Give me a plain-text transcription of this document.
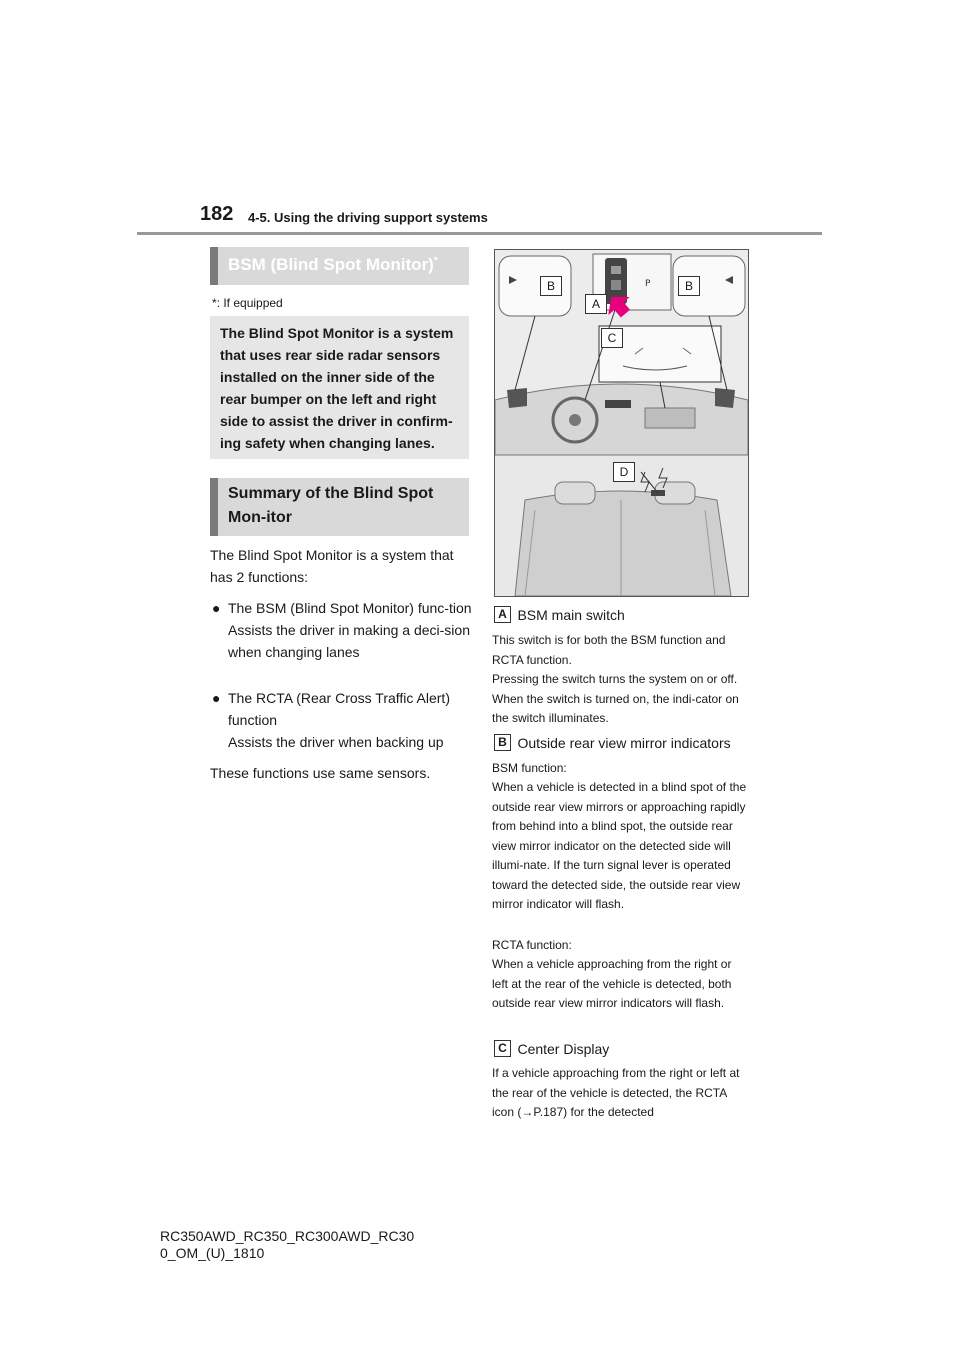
182 4-5. Using the driving support systems
BSM (Blind Spot Monitor)*
*: If equipped
The Blind Spot Monitor is a system that uses rear side radar sensors installed on the inner side of the rear bumper on the left and right side to assist the driver in confirm-ing safety when changing lanes.
Summary of the Blind Spot Mon-itor
The Blind Spot Monitor is a system that has 2 functions:
● The BSM (Blind Spot Monitor) func-tion
Assists the driver in making a deci-sion when changing lanes
● The RCTA (Rear Cross Traffic Alert) function
Assists the driver when backing up
These functions use same sensors.
P
B	B
A
C
D
A BSM main switch
This switch is for both the BSM function and RCTA function.
Pressing the switch turns the system on or off. When the switch is turned on, the indi-cator on the switch illuminates.
B Outside rear view mirror indicators
BSM function:
When a vehicle is detected in a blind spot of the outside rear view mirrors or approaching rapidly from behind into a blind spot, the outside rear view mirror indicator on the detected side will illumi-nate. If the turn signal lever is operated toward the detected side, the outside rear view mirror indicator will flash.
RCTA function:
When a vehicle approaching from the right or left at the rear of the vehicle is detected, both outside rear view mirror indicators will flash.
C Center Display
If a vehicle approaching from the right or left at the rear of the vehicle is detected, the RCTA icon (→P.187) for the detected
RC350AWD_RC350_RC300AWD_RC30
0_OM_(U)_1810
